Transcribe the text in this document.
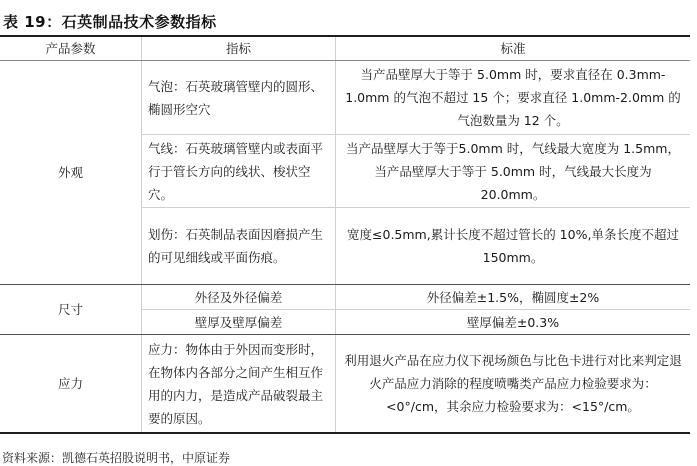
表 19：石英制品技术参数指标
产品参数	指标	标准
外观	气泡：石英玻璃管壁内的圆形、椭圆形空穴	当产品壁厚大于等于 5.0mm 时，要求直径在 0.3mm-1.0mm 的气泡不超过 15 个；要求直径 1.0mm-2.0mm 的气泡数量为 12 个。
	气线：石英玻璃管壁内或表面平行于管长方向的线状、梭状空穴。	当产品壁厚大于等于5.0mm 时，气线最大宽度为 1.5mm，当产品壁厚大于等于 5.0mm 时，气线最大长度为 20.0mm。
	划伤：石英制品表面因磨损产生的可见细线或平面伤痕。	宽度≤0.5mm,累计长度不超过管长的 10%,单条长度不超过 150mm。
尺寸	外径及外径偏差	外径偏差±1.5%，椭圆度±2%
	壁厚及壁厚偏差	壁厚偏差±0.3%
应力	应力：物体由于外因而变形时，在物体内各部分之间产生相互作用的内力，是造成产品破裂最主要的原因。	利用退火产品在应力仪下视场颜色与比色卡进行对比来判定退火产品应力消除的程度喷嘴类产品应力检验要求为：<0°/cm，其余应力检验要求为：<15°/cm。
资料来源：凯德石英招股说明书，中原证券
